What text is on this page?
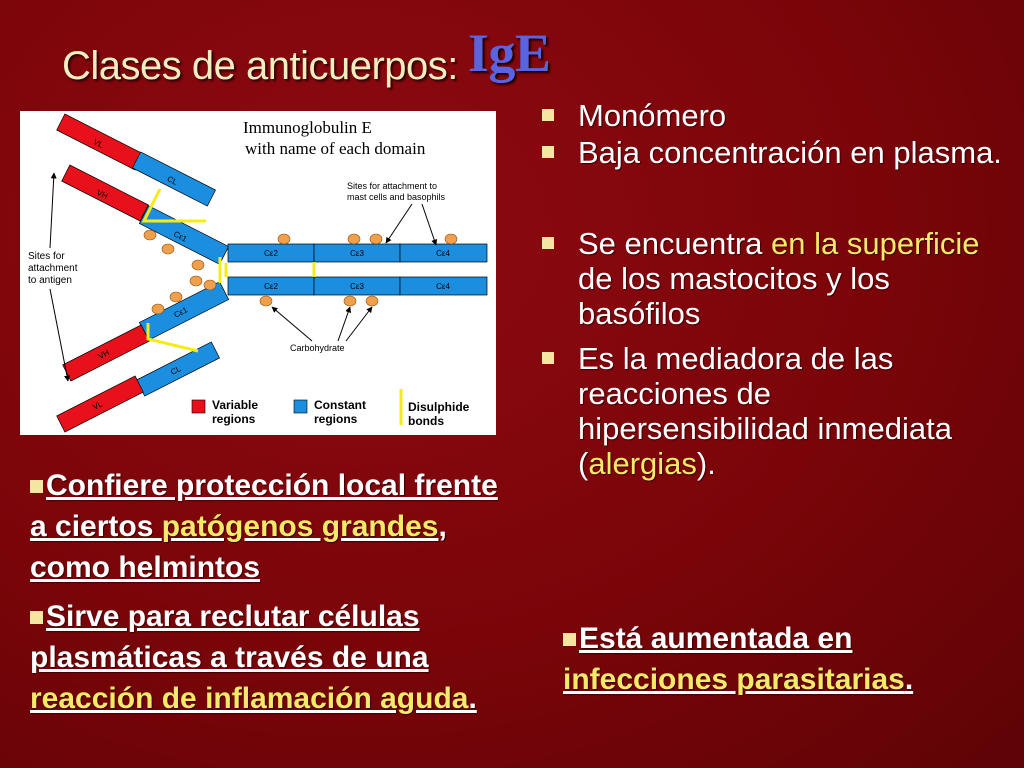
Clases de anticuerpos: IgE
Immunoglobulin E
with name of each domain
VL
CL
VH
Cε1
Cε1
VH
CL
VL
Cε2	Cε3	Cε4
Cε2	Cε3	Cε4
Sites for attachment to
mast cells and basophils
Sites for
attachment
to antigen
Carbohydrate
Variable
regions
Constant
regions
Disulphide
bonds
Monómero
Baja concentración en plasma.
Se encuentra en la superficie de los mastocitos y los basófilos
Es la mediadora de las reacciones de hipersensibilidad inmediata (alergias).
Confiere protección local frente a ciertos patógenos grandes, como helmintos
Sirve para reclutar células plasmáticas a través de una reacción de inflamación aguda.
Está aumentada en infecciones parasitarias.
